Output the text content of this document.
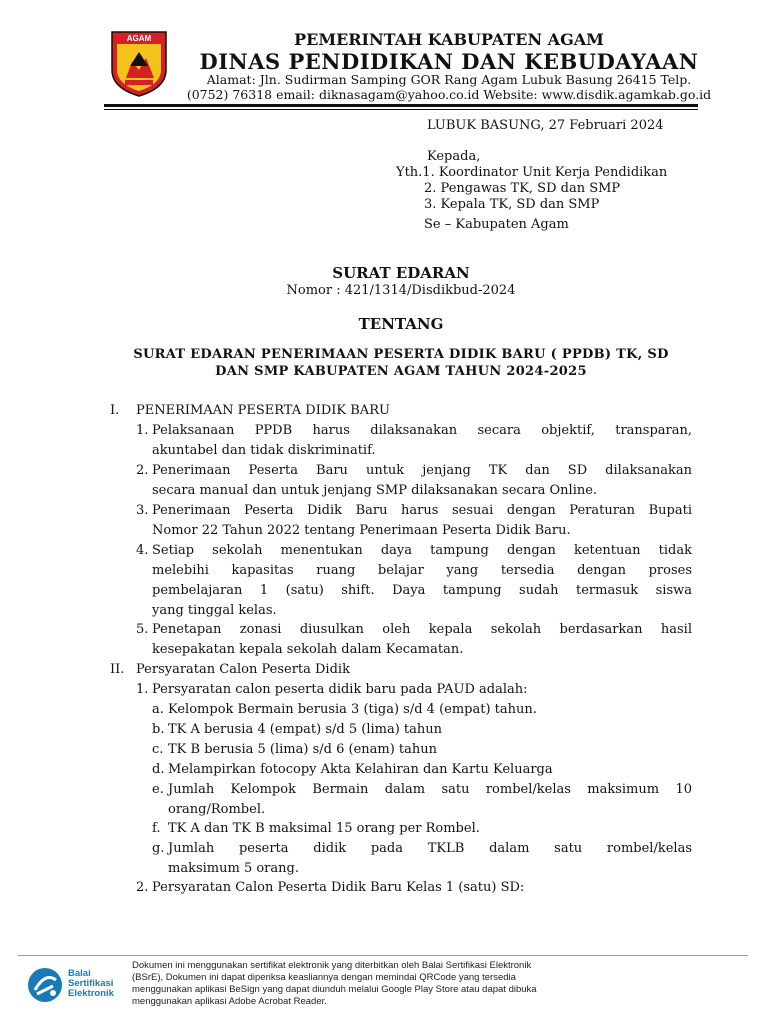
AGAM	PEMERINTAH KABUPATEN AGAM
DINAS PENDIDIKAN DAN KEBUDAYAAN
Alamat: Jln. Sudirman Samping GOR Rang Agam Lubuk Basung 26415 Telp.
(0752) 76318 email: diknasagam@yahoo.co.id Website: www.disdik.agamkab.go.id
LUBUK BASUNG, 27 Februari 2024
Kepada,
Yth.1. Koordinator Unit Kerja Pendidikan
2. Pengawas TK, SD dan SMP
3. Kepala TK, SD dan SMP
Se – Kabupaten Agam
SURAT EDARAN
Nomor : 421/1314/Disdikbud-2024
TENTANG
SURAT EDARAN PENERIMAAN PESERTA DIDIK BARU ( PPDB) TK, SD
DAN SMP KABUPATEN AGAM TAHUN 2024-2025
I. PENERIMAAN PESERTA DIDIK BARU
1. Pelaksanaan PPDB harus dilaksanakan secara objektif, transparan,
akuntabel dan tidak diskriminatif.
2. Penerimaan Peserta Baru untuk jenjang TK dan SD dilaksanakan
secara manual dan untuk jenjang SMP dilaksanakan secara Online.
3. Penerimaan Peserta Didik Baru harus sesuai dengan Peraturan Bupati
Nomor 22 Tahun 2022 tentang Penerimaan Peserta Didik Baru.
4. Setiap sekolah menentukan daya tampung dengan ketentuan tidak
melebihi kapasitas ruang belajar yang tersedia dengan proses
pembelajaran 1 (satu) shift. Daya tampung sudah termasuk siswa
yang tinggal kelas.
5. Penetapan zonasi diusulkan oleh kepala sekolah berdasarkan hasil
kesepakatan kepala sekolah dalam Kecamatan.
II. Persyaratan Calon Peserta Didik
1. Persyaratan calon peserta didik baru pada PAUD adalah:
a. Kelompok Bermain berusia 3 (tiga) s/d 4 (empat) tahun.
b. TK A berusia 4 (empat) s/d 5 (lima) tahun
c. TK B berusia 5 (lima) s/d 6 (enam) tahun
d. Melampirkan fotocopy Akta Kelahiran dan Kartu Keluarga
e. Jumlah Kelompok Bermain dalam satu rombel/kelas maksimum 10
orang/Rombel.
f. TK A dan TK B maksimal 15 orang per Rombel.
g. Jumlah peserta didik pada TKLB dalam satu rombel/kelas
maksimum 5 orang.
2. Persyaratan Calon Peserta Didik Baru Kelas 1 (satu) SD:
Balai
Sertifikasi
Elektronik
Dokumen ini menggunakan sertifikat elektronik yang diterbitkan oleh Balai Sertifikasi Elektronik
(BSrE), Dokumen ini dapat diperiksa keasliannya dengan memindai QRCode yang tersedia
menggunakan aplikasi BeSign yang dapat diunduh melalui Google Play Store atau dapat dibuka
menggunakan aplikasi Adobe Acrobat Reader.
